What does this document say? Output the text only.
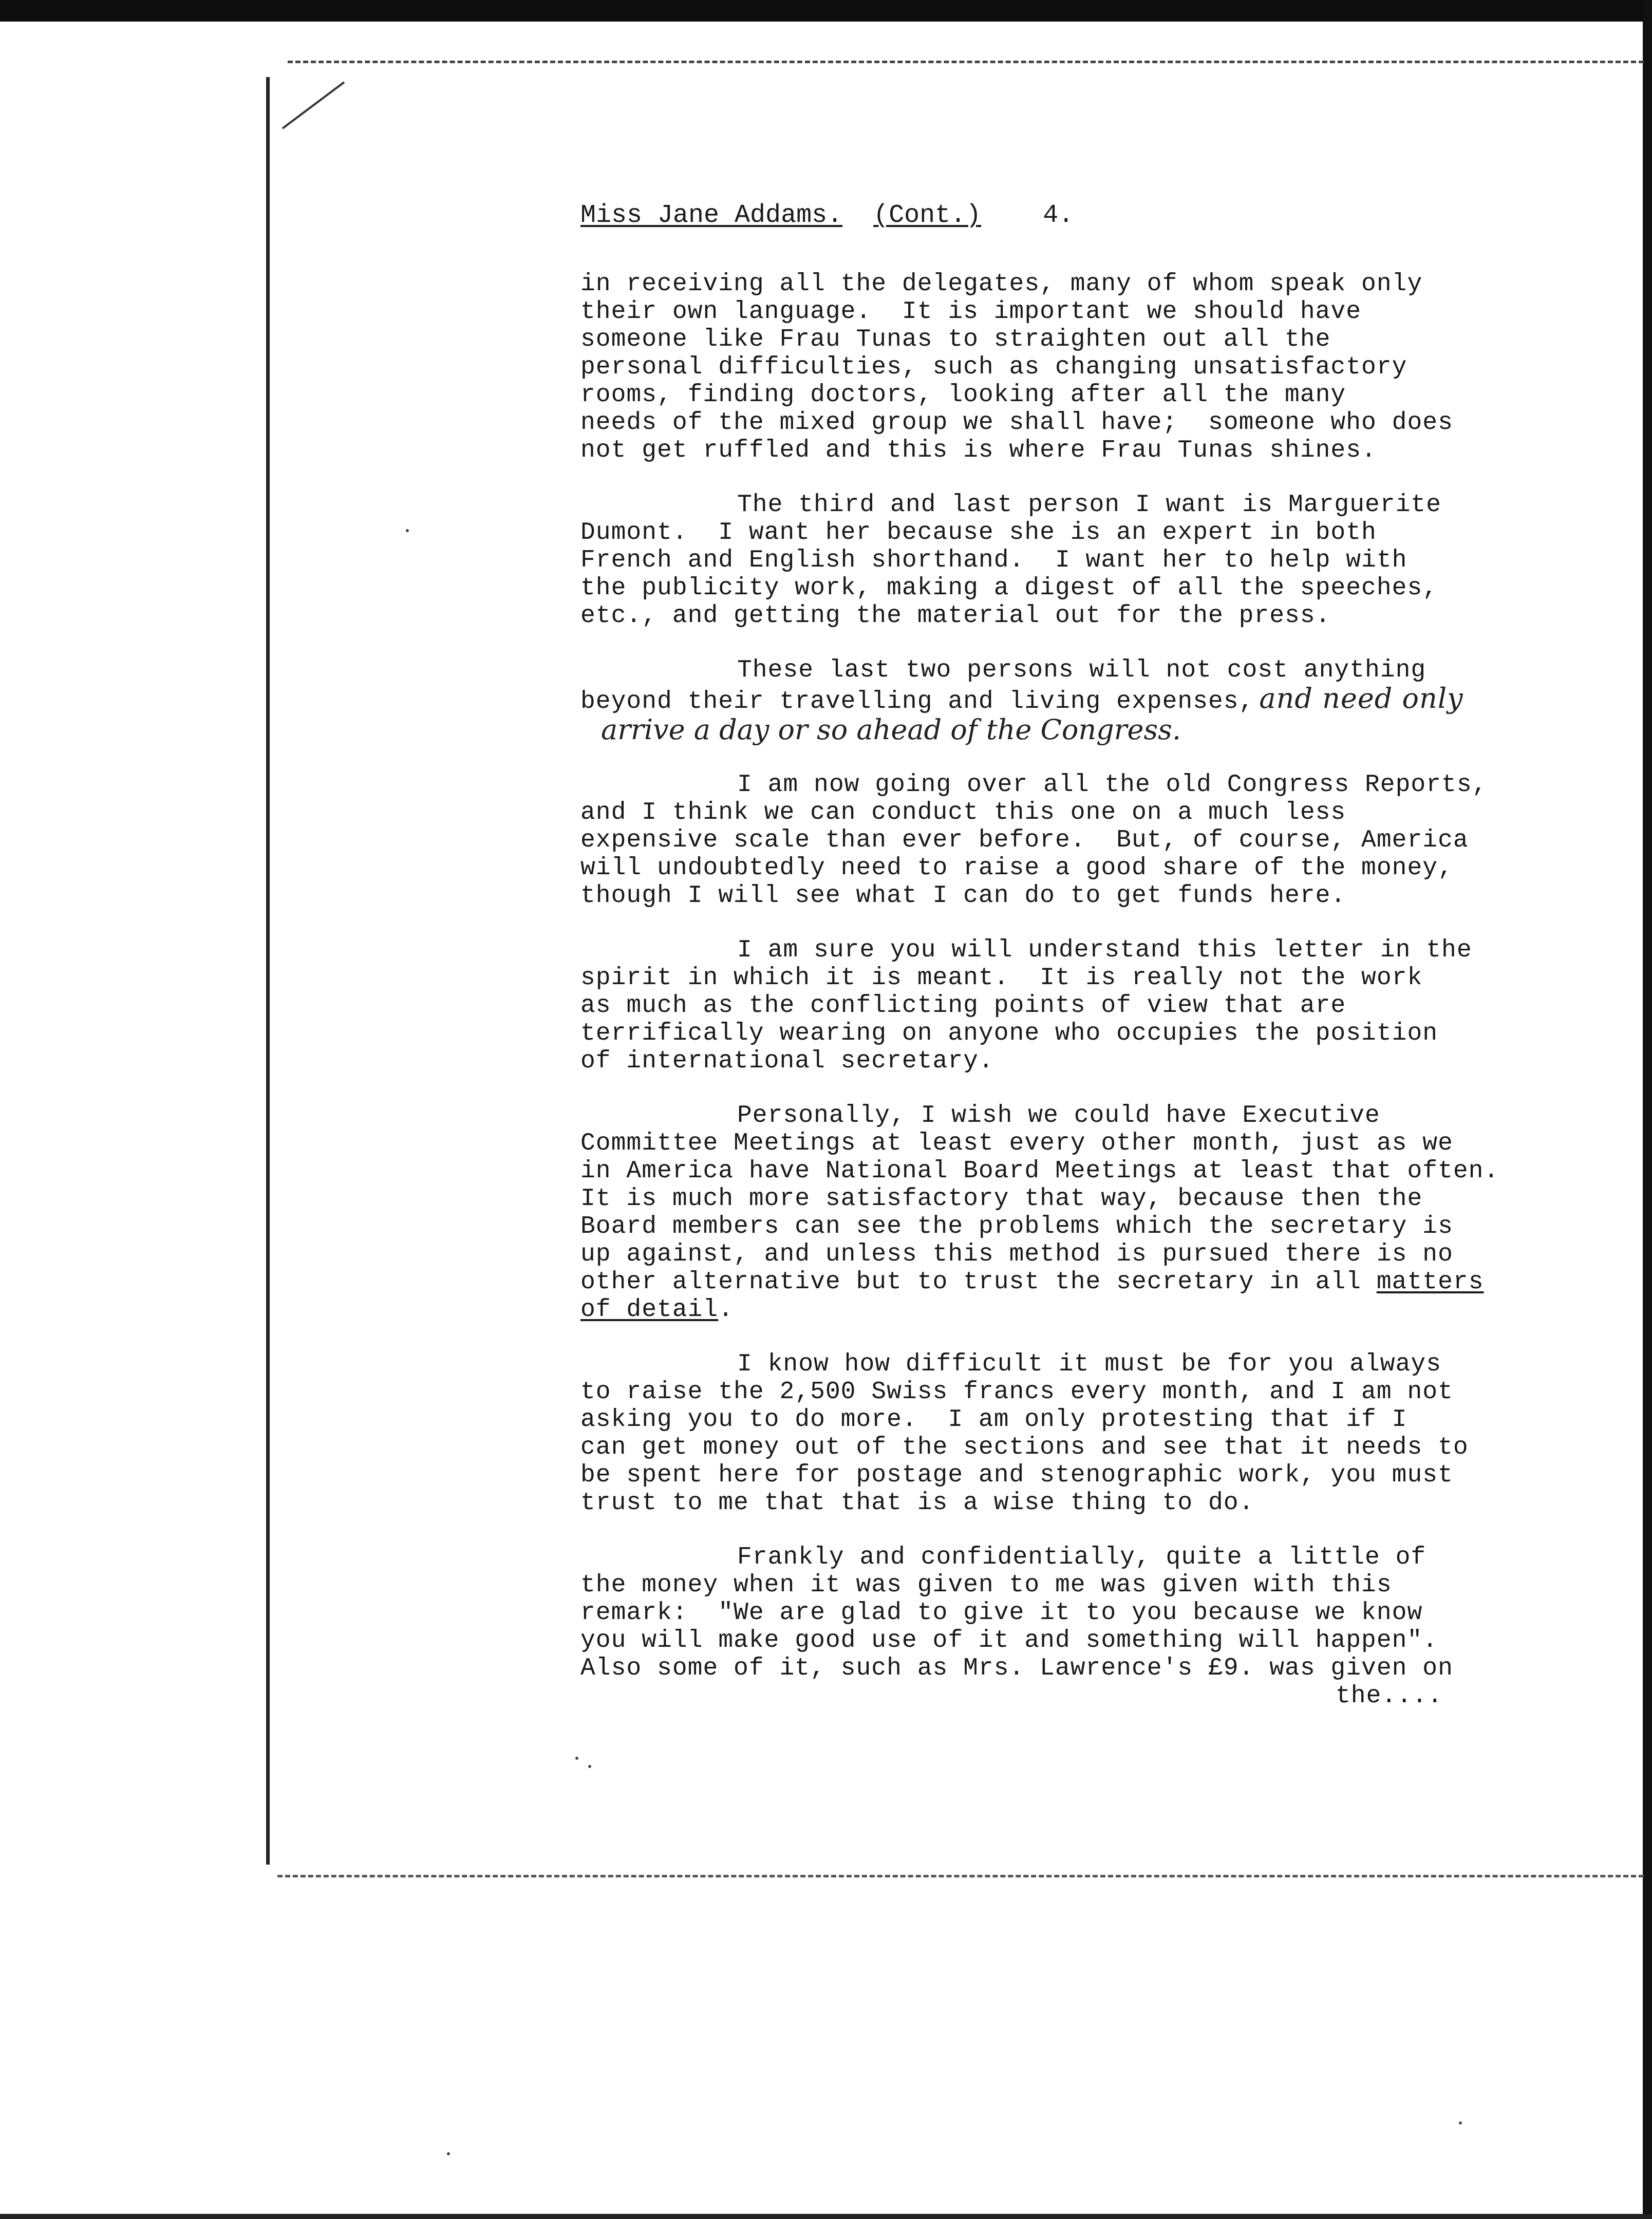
Miss Jane Addams. (Cont.) 4.
in receiving all the delegates, many of whom speak only
their own language.  It is important we should have
someone like Frau Tunas to straighten out all the
personal difficulties, such as changing unsatisfactory
rooms, finding doctors, looking after all the many
needs of the mixed group we shall have;  someone who does
not get ruffled and this is where Frau Tunas shines.
The third and last person I want is Marguerite
Dumont.  I want her because she is an expert in both
French and English shorthand.  I want her to help with
the publicity work, making a digest of all the speeches,
etc., and getting the material out for the press.
These last two persons will not cost anything
beyond their travelling and living expenses, and need only
arrive a day or so ahead of the Congress.
I am now going over all the old Congress Reports,
and I think we can conduct this one on a much less
expensive scale than ever before.  But, of course, America
will undoubtedly need to raise a good share of the money,
though I will see what I can do to get funds here.
I am sure you will understand this letter in the
spirit in which it is meant.  It is really not the work
as much as the conflicting points of view that are
terrifically wearing on anyone who occupies the position
of international secretary.
Personally, I wish we could have Executive
Committee Meetings at least every other month, just as we
in America have National Board Meetings at least that often.
It is much more satisfactory that way, because then the
Board members can see the problems which the secretary is
up against, and unless this method is pursued there is no
other alternative but to trust the secretary in all matters
of detail.
I know how difficult it must be for you always
to raise the 2,500 Swiss francs every month, and I am not
asking you to do more.  I am only protesting that if I
can get money out of the sections and see that it needs to
be spent here for postage and stenographic work, you must
trust to me that that is a wise thing to do.
Frankly and confidentially, quite a little of
the money when it was given to me was given with this
remark:  "We are glad to give it to you because we know
you will make good use of it and something will happen".
Also some of it, such as Mrs. Lawrence's £9. was given on
the....
